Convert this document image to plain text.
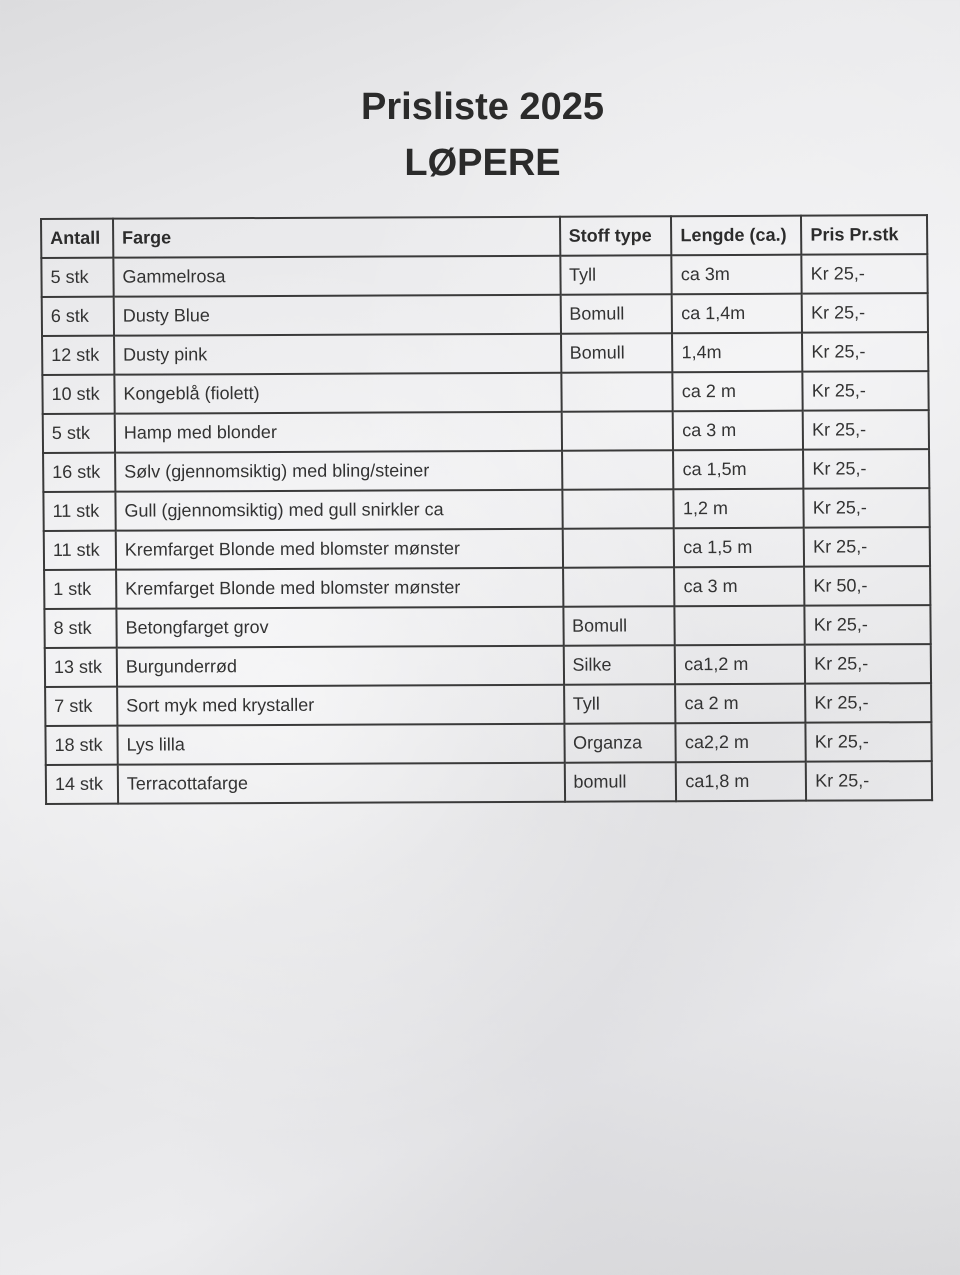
Prisliste 2025
LØPERE
Antall	Farge	Stoff type	Lengde (ca.)	Pris Pr.stk
5 stk	Gammelrosa	Tyll	ca 3m	Kr 25,-
6 stk	Dusty Blue	Bomull	ca 1,4m	Kr 25,-
12 stk	Dusty pink	Bomull	1,4m	Kr 25,-
10 stk	Kongeblå (fiolett)		ca 2 m	Kr 25,-
5 stk	Hamp med blonder		ca 3 m	Kr 25,-
16 stk	Sølv (gjennomsiktig) med bling/steiner		ca 1,5m	Kr 25,-
11 stk	Gull (gjennomsiktig) med gull snirkler ca		1,2 m	Kr 25,-
11 stk	Kremfarget Blonde med blomster mønster		ca 1,5 m	Kr 25,-
1 stk	Kremfarget Blonde med blomster mønster		ca 3 m	Kr 50,-
8 stk	Betongfarget grov	Bomull		Kr 25,-
13 stk	Burgunderrød	Silke	ca1,2 m	Kr 25,-
7 stk	Sort myk med krystaller	Tyll	ca 2 m	Kr 25,-
18 stk	Lys lilla	Organza	ca2,2 m	Kr 25,-
14 stk	Terracottafarge	bomull	ca1,8 m	Kr 25,-
